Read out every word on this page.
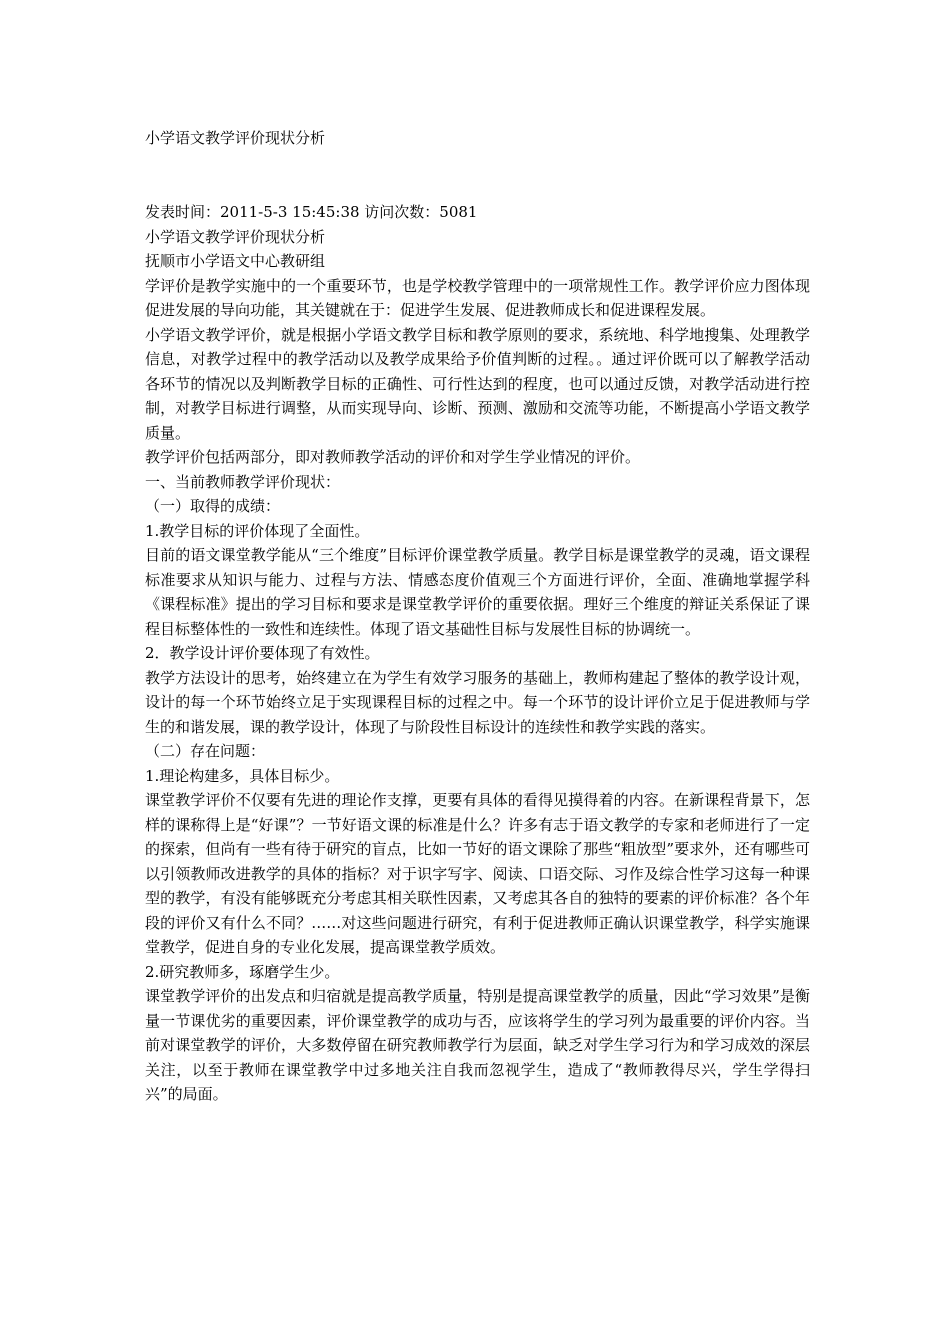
小学语文教学评价现状分析

发表时间：2011-5-3 15:45:38 访问次数：5081

小学语文教学评价现状分析

抚顺市小学语文中心教研组

学评价是教学实施中的一个重要环节，也是学校教学管理中的一项常规性工作。教学评价应力图体现促进发展的导向功能，其关键就在于：促进学生发展、促进教师成长和促进课程发展。

小学语文教学评价，就是根据小学语文教学目标和教学原则的要求，系统地、科学地搜集、处理教学信息，对教学过程中的教学活动以及教学成果给予价值判断的过程。。通过评价既可以了解教学活动各环节的情况以及判断教学目标的正确性、可行性达到的程度，也可以通过反馈，对教学活动进行控制，对教学目标进行调整，从而实现导向、诊断、预测、激励和交流等功能，不断提高小学语文教学质量。

教学评价包括两部分，即对教师教学活动的评价和对学生学业情况的评价。

一、当前教师教学评价现状：

（一）取得的成绩：

1.教学目标的评价体现了全面性。

目前的语文课堂教学能从“三个维度”目标评价课堂教学质量。教学目标是课堂教学的灵魂，语文课程标准要求从知识与能力、过程与方法、情感态度价值观三个方面进行评价，全面、准确地掌握学科《课程标准》提出的学习目标和要求是课堂教学评价的重要依据。理好三个维度的辩证关系保证了课程目标整体性的一致性和连续性。体现了语文基础性目标与发展性目标的协调统一。

2．教学设计评价要体现了有效性。

教学方法设计的思考，始终建立在为学生有效学习服务的基础上，教师构建起了整体的教学设计观，设计的每一个环节始终立足于实现课程目标的过程之中。每一个环节的设计评价立足于促进教师与学生的和谐发展，课的教学设计，体现了与阶段性目标设计的连续性和教学实践的落实。

（二）存在问题：

1.理论构建多，具体目标少。

课堂教学评价不仅要有先进的理论作支撑，更要有具体的看得见摸得着的内容。在新课程背景下，怎样的课称得上是“好课”？一节好语文课的标准是什么？许多有志于语文教学的专家和老师进行了一定的探索，但尚有一些有待于研究的盲点，比如一节好的语文课除了那些“粗放型”要求外，还有哪些可以引领教师改进教学的具体的指标？对于识字写字、阅读、口语交际、习作及综合性学习这每一种课型的教学，有没有能够既充分考虑其相关联性因素，又考虑其各自的独特的要素的评价标准？各个年段的评价又有什么不同？……对这些问题进行研究，有利于促进教师正确认识课堂教学，科学实施课堂教学，促进自身的专业化发展，提高课堂教学质效。

2.研究教师多，琢磨学生少。

课堂教学评价的出发点和归宿就是提高教学质量，特别是提高课堂教学的质量，因此“学习效果”是衡量一节课优劣的重要因素，评价课堂教学的成功与否，应该将学生的学习列为最重要的评价内容。当前对课堂教学的评价，大多数停留在研究教师教学行为层面，缺乏对学生学习行为和学习成效的深层关注，以至于教师在课堂教学中过多地关注自我而忽视学生，造成了“教师教得尽兴，学生学得扫兴”的局面。
